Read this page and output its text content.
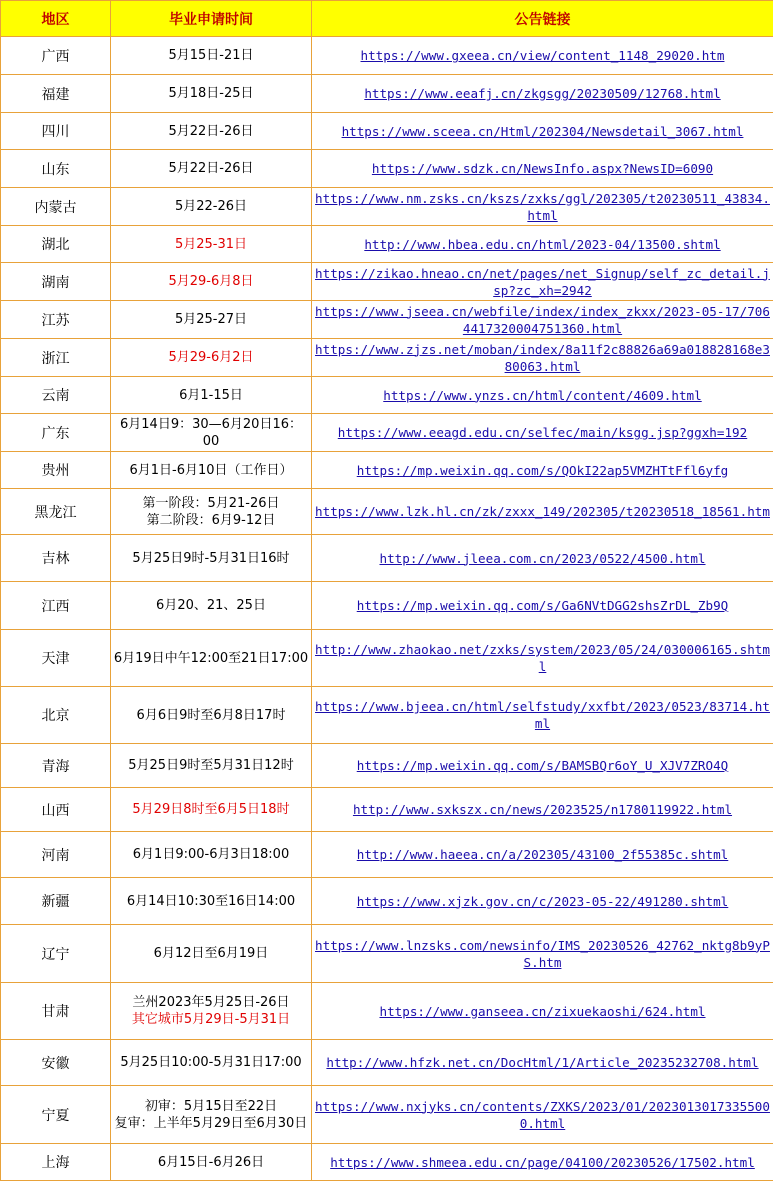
地区	毕业申请时间	公告链接
广西	5月15日-21日	https://www.gxeea.cn/view/content_1148_29020.htm
福建	5月18日-25日	https://www.eeafj.cn/zkgsgg/20230509/12768.html
四川	5月22日-26日	https://www.sceea.cn/Html/202304/Newsdetail_3067.html
山东	5月22日-26日	https://www.sdzk.cn/NewsInfo.aspx?NewsID=6090
内蒙古	5月22-26日	https://www.nm.zsks.cn/kszs/zxks/ggl/202305/t20230511_43834.html
湖北	5月25-31日	http://www.hbea.edu.cn/html/2023-04/13500.shtml
湖南	5月29-6月8日	https://zikao.hneao.cn/net/pages/net_Signup/self_zc_detail.jsp?zc_xh=2942
江苏	5月25-27日	https://www.jseea.cn/webfile/index/index_zkxx/2023-05-17/7064417320004751360.html
浙江	5月29-6月2日	https://www.zjzs.net/moban/index/8a11f2c88826a69a018828168e380063.html
云南	6月1-15日	https://www.ynzs.cn/html/content/4609.html
广东	6月14日9：30—6月20日16：00	https://www.eeagd.edu.cn/selfec/main/ksgg.jsp?ggxh=192
贵州	6月1日-6月10日（工作日）	https://mp.weixin.qq.com/s/QOkI22ap5VMZHTtFfl6yfg
黑龙江	第一阶段：5月21-26日
第二阶段：6月9-12日	https://www.lzk.hl.cn/zk/zxxx_149/202305/t20230518_18561.htm
吉林	5月25日9时-5月31日16时	http://www.jleea.com.cn/2023/0522/4500.html
江西	6月20、21、25日	https://mp.weixin.qq.com/s/Ga6NVtDGG2shsZrDL_Zb9Q
天津	6月19日中午12:00至21日17:00	http://www.zhaokao.net/zxks/system/2023/05/24/030006165.shtml
北京	6月6日9时至6月8日17时	https://www.bjeea.cn/html/selfstudy/xxfbt/2023/0523/83714.html
青海	5月25日9时至5月31日12时	https://mp.weixin.qq.com/s/BAMSBQr6oY_U_XJV7ZRO4Q
山西	5月29日8时至6月5日18时	http://www.sxkszx.cn/news/2023525/n1780119922.html
河南	6月1日9:00-6月3日18:00	http://www.haeea.cn/a/202305/43100_2f55385c.shtml
新疆	6月14日10:30至16日14:00	https://www.xjzk.gov.cn/c/2023-05-22/491280.shtml
辽宁	6月12日至6月19日	https://www.lnzsks.com/newsinfo/IMS_20230526_42762_nktg8b9yPS.htm
甘肃	兰州2023年5月25日-26日
其它城市5月29日-5月31日	https://www.ganseea.cn/zixuekaoshi/624.html
安徽	5月25日10:00-5月31日17:00	http://www.hfzk.net.cn/DocHtml/1/Article_20235232708.html
宁夏	初审：5月15日至22日
复审：上半年5月29日至6月30日	https://www.nxjyks.cn/contents/ZXKS/2023/01/20230130173355000.html
上海	6月15日-6月26日	https://www.shmeea.edu.cn/page/04100/20230526/17502.html
